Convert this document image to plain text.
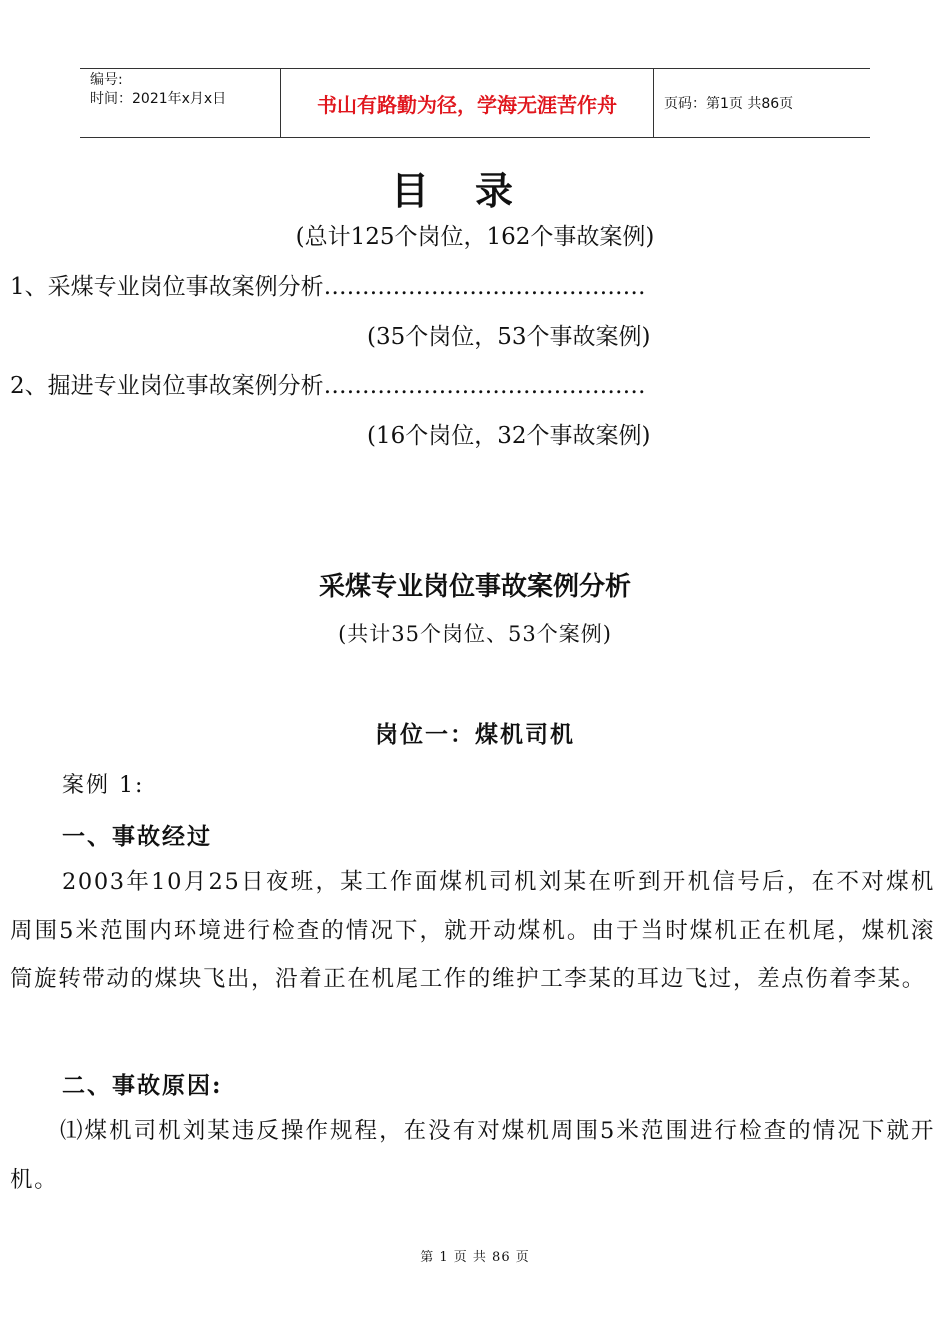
编号:
时间：2021年x月x日	书山有路勤为径，学海无涯苦作舟	页码：第1页 共86页
目录
(总计125个岗位，162个事故案例)
1、采煤专业岗位事故案例分析……………………………………
(35个岗位，53个事故案例)
2、掘进专业岗位事故案例分析……………………………………
(16个岗位，32个事故案例)
采煤专业岗位事故案例分析
(共计35个岗位、53个案例)
岗位一：煤机司机
案例 1:
一、事故经过
2003年10月25日夜班，某工作面煤机司机刘某在听到开机信号后，在不对煤机周围5米范围内环境进行检查的情况下，就开动煤机。由于当时煤机正在机尾，煤机滚筒旋转带动的煤块飞出，沿着正在机尾工作的维护工李某的耳边飞过，差点伤着李某。
二、事故原因:
⑴煤机司机刘某违反操作规程，在没有对煤机周围5米范围进行检查的情况下就开机。
第 1 页 共 86 页
